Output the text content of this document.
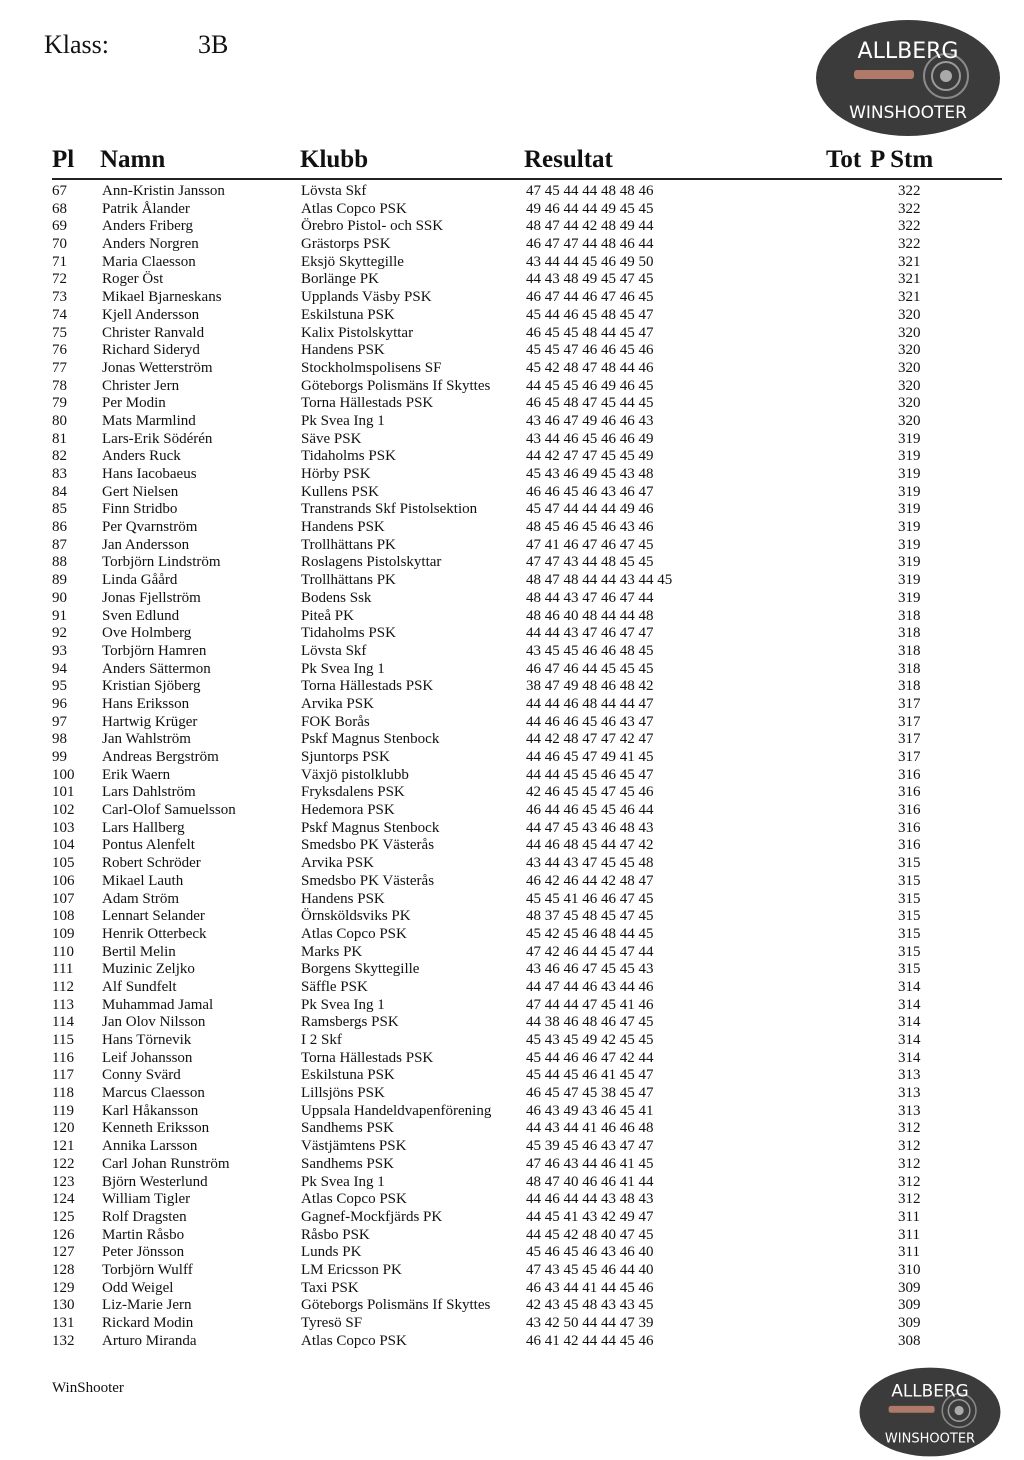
Klass:	3B	ALLBERG
WINSHOOTER
Pl Namn	Klubb	Resultat	Tot P Stm
67 Ann-Kristin Jansson	Lövsta Skf	47 45 44 44 48 48 46	322
68 Patrik Ålander	Atlas Copco PSK	49 46 44 44 49 45 45	322
69 Anders Friberg	Örebro Pistol- och SSK	48 47 44 42 48 49 44	322
70 Anders Norgren	Grästorps PSK	46 47 47 44 48 46 44	322
71 Maria Claesson	Eksjö Skyttegille	43 44 44 45 46 49 50	321
72 Roger Öst	Borlänge PK	44 43 48 49 45 47 45	321
73 Mikael Bjarneskans	Upplands Väsby PSK	46 47 44 46 47 46 45	321
74 Kjell Andersson	Eskilstuna PSK	45 44 46 45 48 45 47	320
75 Christer Ranvald	Kalix Pistolskyttar	46 45 45 48 44 45 47	320
76 Richard Sideryd	Handens PSK	45 45 47 46 46 45 46	320
77 Jonas Wetterström	Stockholmspolisens SF	45 42 48 47 48 44 46	320
78 Christer Jern	Göteborgs Polismäns If Skyttes 44 45 45 46 49 46 45	320
79 Per Modin	Torna Hällestads PSK	46 45 48 47 45 44 45	320
80 Mats Marmlind	Pk Svea Ing 1	43 46 47 49 46 46 43	320
81 Lars-Erik Södérén	Säve PSK	43 44 46 45 46 46 49	319
82 Anders Ruck	Tidaholms PSK	44 42 47 47 45 45 49	319
83 Hans Iacobaeus	Hörby PSK	45 43 46 49 45 43 48	319
84 Gert Nielsen	Kullens PSK	46 46 45 46 43 46 47	319
85 Finn Stridbo	Transtrands Skf Pistolsektion	45 47 44 44 44 49 46	319
86 Per Qvarnström	Handens PSK	48 45 46 45 46 43 46	319
87 Jan Andersson	Trollhättans PK	47 41 46 47 46 47 45	319
88 Torbjörn Lindström	Roslagens Pistolskyttar	47 47 43 44 48 45 45	319
89 Linda Gåård	Trollhättans PK	48 47 48 44 44 43 44 45	319
90 Jonas Fjellström	Bodens Ssk	48 44 43 47 46 47 44	319
91 Sven Edlund	Piteå PK	48 46 40 48 44 44 48	318
92 Ove Holmberg	Tidaholms PSK	44 44 43 47 46 47 47	318
93 Torbjörn Hamren	Lövsta Skf	43 45 45 46 46 48 45	318
94 Anders Sättermon	Pk Svea Ing 1	46 47 46 44 45 45 45	318
95 Kristian Sjöberg	Torna Hällestads PSK	38 47 49 48 46 48 42	318
96 Hans Eriksson	Arvika PSK	44 44 46 48 44 44 47	317
97 Hartwig Krüger	FOK Borås	44 46 46 45 46 43 47	317
98 Jan Wahlström	Pskf Magnus Stenbock	44 42 48 47 47 42 47	317
99 Andreas Bergström	Sjuntorps PSK	44 46 45 47 49 41 45	317
100 Erik Waern	Växjö pistolklubb	44 44 45 45 46 45 47	316
101 Lars Dahlström	Fryksdalens PSK	42 46 45 45 47 45 46	316
102 Carl-Olof Samuelsson	Hedemora PSK	46 44 46 45 45 46 44	316
103 Lars Hallberg	Pskf Magnus Stenbock	44 47 45 43 46 48 43	316
104 Pontus Alenfelt	Smedsbo PK Västerås	44 46 48 45 44 47 42	316
105 Robert Schröder	Arvika PSK	43 44 43 47 45 45 48	315
106 Mikael Lauth	Smedsbo PK Västerås	46 42 46 44 42 48 47	315
107 Adam Ström	Handens PSK	45 45 41 46 46 47 45	315
108 Lennart Selander	Örnsköldsviks PK	48 37 45 48 45 47 45	315
109 Henrik Otterbeck	Atlas Copco PSK	45 42 45 46 48 44 45	315
110 Bertil Melin	Marks PK	47 42 46 44 45 47 44	315
111 Muzinic Zeljko	Borgens Skyttegille	43 46 46 47 45 45 43	315
112 Alf Sundfelt	Säffle PSK	44 47 44 46 43 44 46	314
113 Muhammad Jamal	Pk Svea Ing 1	47 44 44 47 45 41 46	314
114 Jan Olov Nilsson	Ramsbergs PSK	44 38 46 48 46 47 45	314
115 Hans Törnevik	I 2 Skf	45 43 45 49 42 45 45	314
116 Leif Johansson	Torna Hällestads PSK	45 44 46 46 47 42 44	314
117 Conny Svärd	Eskilstuna PSK	45 44 45 46 41 45 47	313
118 Marcus Claesson	Lillsjöns PSK	46 45 47 45 38 45 47	313
119 Karl Håkansson	Uppsala Handeldvapenförening 46 43 49 43 46 45 41	313
120 Kenneth Eriksson	Sandhems PSK	44 43 44 41 46 46 48	312
121 Annika Larsson	Västjämtens PSK	45 39 45 46 43 47 47	312
122 Carl Johan Runström	Sandhems PSK	47 46 43 44 46 41 45	312
123 Björn Westerlund	Pk Svea Ing 1	48 47 40 46 46 41 44	312
124 William Tigler	Atlas Copco PSK	44 46 44 44 43 48 43	312
125 Rolf Dragsten	Gagnef-Mockfjärds PK	44 45 41 43 42 49 47	311
126 Martin Råsbo	Råsbo PSK	44 45 42 48 40 47 45	311
127 Peter Jönsson	Lunds PK	45 46 45 46 43 46 40	311
128 Torbjörn Wulff	LM Ericsson PK	47 43 45 45 46 44 40	310
129 Odd Weigel	Taxi PSK	46 43 44 41 44 45 46	309
130 Liz-Marie Jern	Göteborgs Polismäns If Skyttes 42 43 45 48 43 43 45	309
131 Rickard Modin	Tyresö SF	43 42 50 44 44 47 39	309
132 Arturo Miranda	Atlas Copco PSK	46 41 42 44 44 45 46	308
WinShooter	ALLBERG
WINSHOOTER
